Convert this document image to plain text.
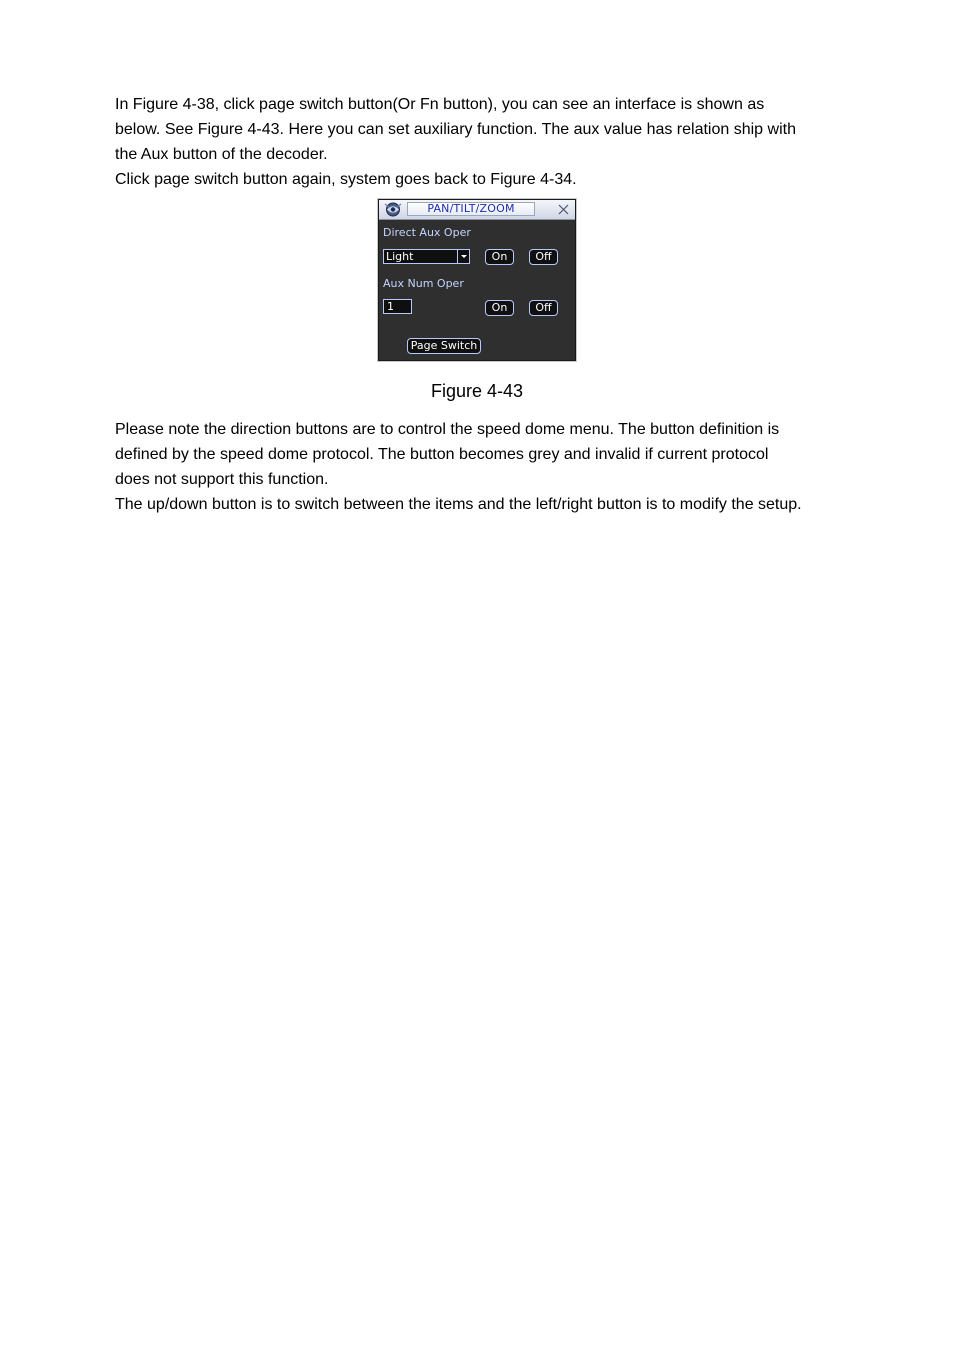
In Figure 4-38, click page switch button(Or Fn button), you can see an interface is shown as

below. See Figure 4-43. Here you can set auxiliary function. The aux value has relation ship with

the Aux button of the decoder.

Click page switch button again, system goes back to Figure 4-34.

PAN/TILT/ZOOM
Direct Aux Oper
Light	On	Off
Aux Num Oper
1	On	Off
Page Switch
Figure 4-43

Please note the direction buttons are to control the speed dome menu. The button definition is

defined by the speed dome protocol. The button becomes grey and invalid if current protocol

does not support this function.

The up/down button is to switch between the items and the left/right button is to modify the setup.
